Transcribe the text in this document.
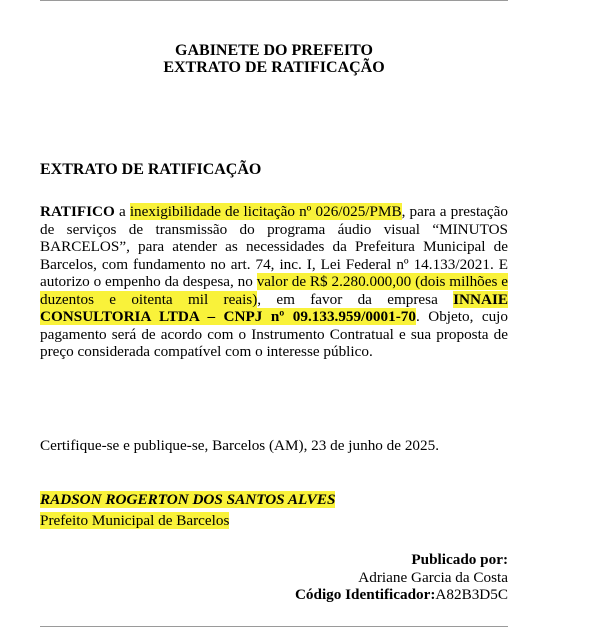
GABINETE DO PREFEITO
EXTRATO DE RATIFICAÇÃO
EXTRATO DE RATIFICAÇÃO

RATIFICO a inexigibilidade de licitação nº 026/025/PMB, para a prestação de serviços de transmissão do programa áudio visual “MINUTOS BARCELOS”, para atender as necessidades da Prefeitura Municipal de Barcelos, com fundamento no art. 74, inc. I, Lei Federal nº 14.133/2021. E autorizo o empenho da despesa, no valor de R$ 2.280.000,00 (dois milhões e duzentos e oitenta mil reais), em favor da empresa INNAIE CONSULTORIA LTDA – CNPJ nº 09.133.959/0001-70. Objeto, cujo pagamento será de acordo com o Instrumento Contratual e sua proposta de preço considerada compatível com o interesse público.

Certifique-se e publique-se, Barcelos (AM), 23 de junho de 2025.
RADSON ROGERTON DOS SANTOS ALVES
Prefeito Municipal de Barcelos
Publicado por:
Adriane Garcia da Costa
Código Identificador:A82B3D5C
